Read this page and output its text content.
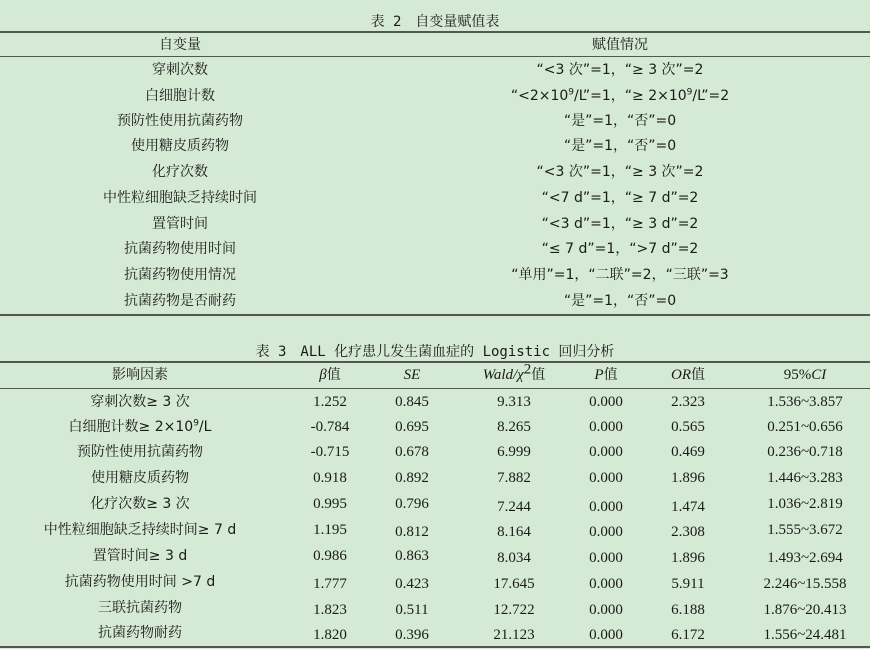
表 2　自变量赋值表
自变量	赋值情况
穿刺次数	“<3 次”=1，“≥ 3 次”=2
白细胞计数	“$<2\times 10^9/L”=1$，“≥ $2\times 10^9/L”=2$
预防性使用抗菌药物	“是”=1，“否”=0
使用糖皮质药物	“是”=1，“否”=0
化疗次数	“<3 次”=1，“≥ 3 次”=2
中性粒细胞缺乏持续时间	“<7 d”=1，“≥ 7 d”=2
置管时间	“<3 d”=1，“≥ 3 d”=2
抗菌药物使用时间	“≤ 7 d”=1，“>7 d”=2
抗菌药物使用情况	“单用”=1，“二联”=2，“三联”=3
抗菌药物是否耐药	“是”=1，“否”=0
表 3　ALL 化疗患儿发生菌血症的 Logistic 回归分析
影响因素	β值	SE	Wald/$\chi^2$值	P值	OR值	95%CI
穿刺次数≥ 3 次	1.252	0.845	9.313	0.000	2.323	1.536~3.857
白细胞计数≥ $2\times 10^9/L$	-0.784	0.695	8.265	0.000	0.565	0.251~0.656
预防性使用抗菌药物	-0.715	0.678	6.999	0.000	0.469	0.236~0.718
使用糖皮质药物	0.918	0.892	7.882	0.000	1.896	1.446~3.283
化疗次数≥ 3 次	0.995	0.796	7.244	0.000	1.474	1.036~2.819
中性粒细胞缺乏持续时间≥ 7 d	1.195	0.812	8.164	0.000	2.308	1.555~3.672
置管时间≥ 3 d	0.986	0.863	8.034	0.000	1.896	1.493~2.694
抗菌药物使用时间 >7 d	1.777	0.423	17.645	0.000	5.911	2.246~15.558
三联抗菌药物	1.823	0.511	12.722	0.000	6.188	1.876~20.413
抗菌药物耐药	1.820	0.396	21.123	0.000	6.172	1.556~24.481
